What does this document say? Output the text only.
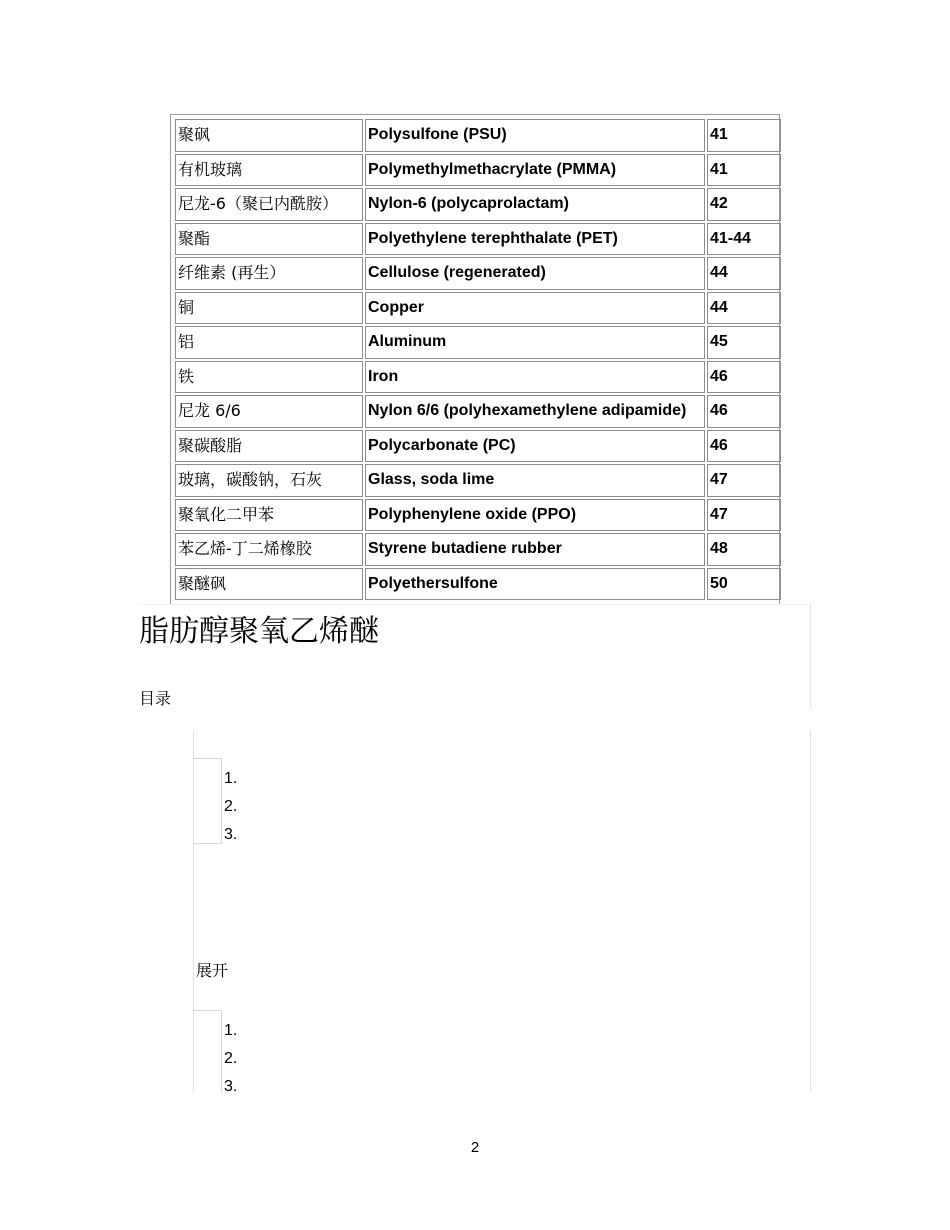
聚砜	Polysulfone (PSU)	41
有机玻璃	Polymethylmethacrylate (PMMA)	41
尼龙-6（聚已内酰胺）	Nylon-6 (polycaprolactam)	42
聚酯	Polyethylene terephthalate (PET)	41-44
纤维素 (再生）	Cellulose (regenerated)	44
铜	Copper	44
铝	Aluminum	45
铁	Iron	46
尼龙 6/6	Nylon 6/6 (polyhexamethylene adipamide)	46
聚碳酸脂	Polycarbonate (PC)	46
玻璃，碳酸钠，石灰	Glass, soda lime	47
聚氧化二甲苯	Polyphenylene oxide (PPO)	47
苯乙烯-丁二烯橡胶	Styrene butadiene rubber	48
聚醚砜	Polyethersulfone	50
脂肪醇聚氧乙烯醚
目录
1.
2.
3.
展开
1.
2.
3.
2
